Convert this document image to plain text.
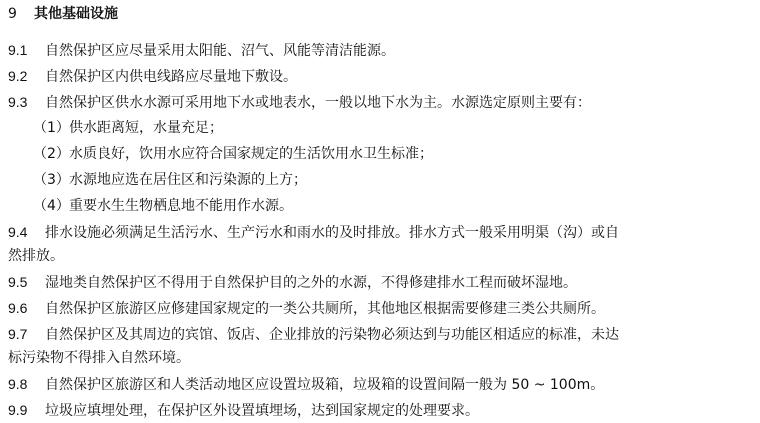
9 其他基础设施
9.1 自然保护区应尽量采用太阳能、沼气、风能等清洁能源。
9.2 自然保护区内供电线路应尽量地下敷设。
9.3 自然保护区供水水源可采用地下水或地表水，一般以地下水为主。水源选定原则主要有：
（1）供水距离短，水量充足；
（2）水质良好，饮用水应符合国家规定的生活饮用水卫生标准；
（3）水源地应选在居住区和污染源的上方；
（4）重要水生生物栖息地不能用作水源。
9.4 排水设施必须满足生活污水、生产污水和雨水的及时排放。排水方式一般采用明渠（沟）或自
然排放。
9.5 湿地类自然保护区不得用于自然保护目的之外的水源，不得修建排水工程而破坏湿地。
9.6 自然保护区旅游区应修建国家规定的一类公共厕所，其他地区根据需要修建三类公共厕所。
9.7 自然保护区及其周边的宾馆、饭店、企业排放的污染物必须达到与功能区相适应的标准，未达
标污染物不得排入自然环境。
9.8 自然保护区旅游区和人类活动地区应设置垃圾箱，垃圾箱的设置间隔一般为 50 ~ 100m。
9.9 垃圾应填埋处理，在保护区外设置填埋场，达到国家规定的处理要求。
